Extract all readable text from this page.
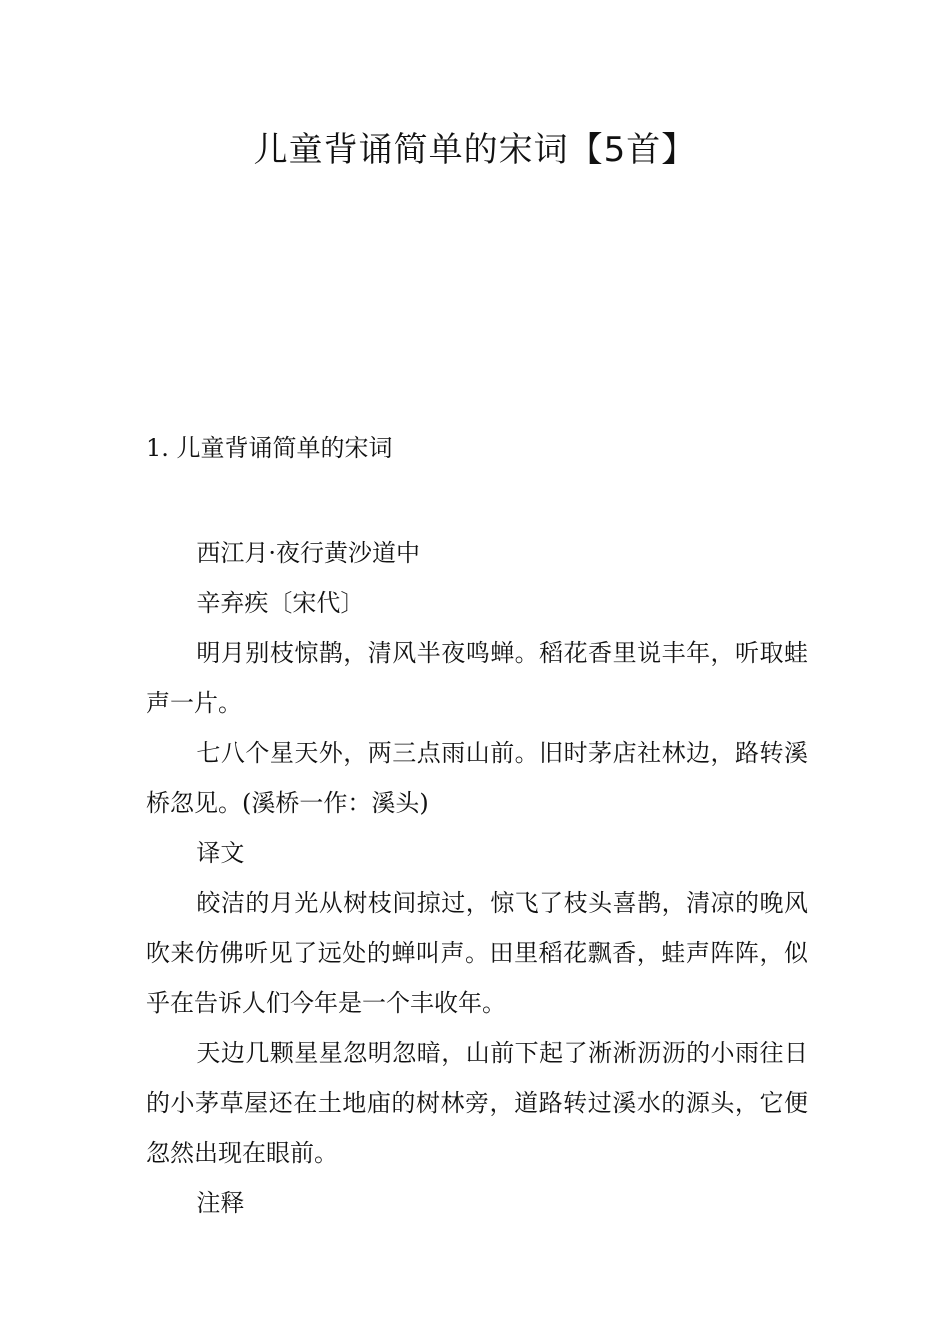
儿童背诵简单的宋词【5首】
1. 儿童背诵简单的宋词

西江月·夜行黄沙道中

辛弃疾〔宋代〕

明月别枝惊鹊，清风半夜鸣蝉。稻花香里说丰年，听取蛙声一片。

七八个星天外，两三点雨山前。旧时茅店社林边，路转溪桥忽见。(溪桥一作：溪头)

译文

皎洁的月光从树枝间掠过，惊飞了枝头喜鹊，清凉的晚风吹来仿佛听见了远处的蝉叫声。田里稻花飘香，蛙声阵阵，似乎在告诉人们今年是一个丰收年。

天边几颗星星忽明忽暗，山前下起了淅淅沥沥的小雨往日的小茅草屋还在土地庙的树林旁，道路转过溪水的源头，它便忽然出现在眼前。

注释
